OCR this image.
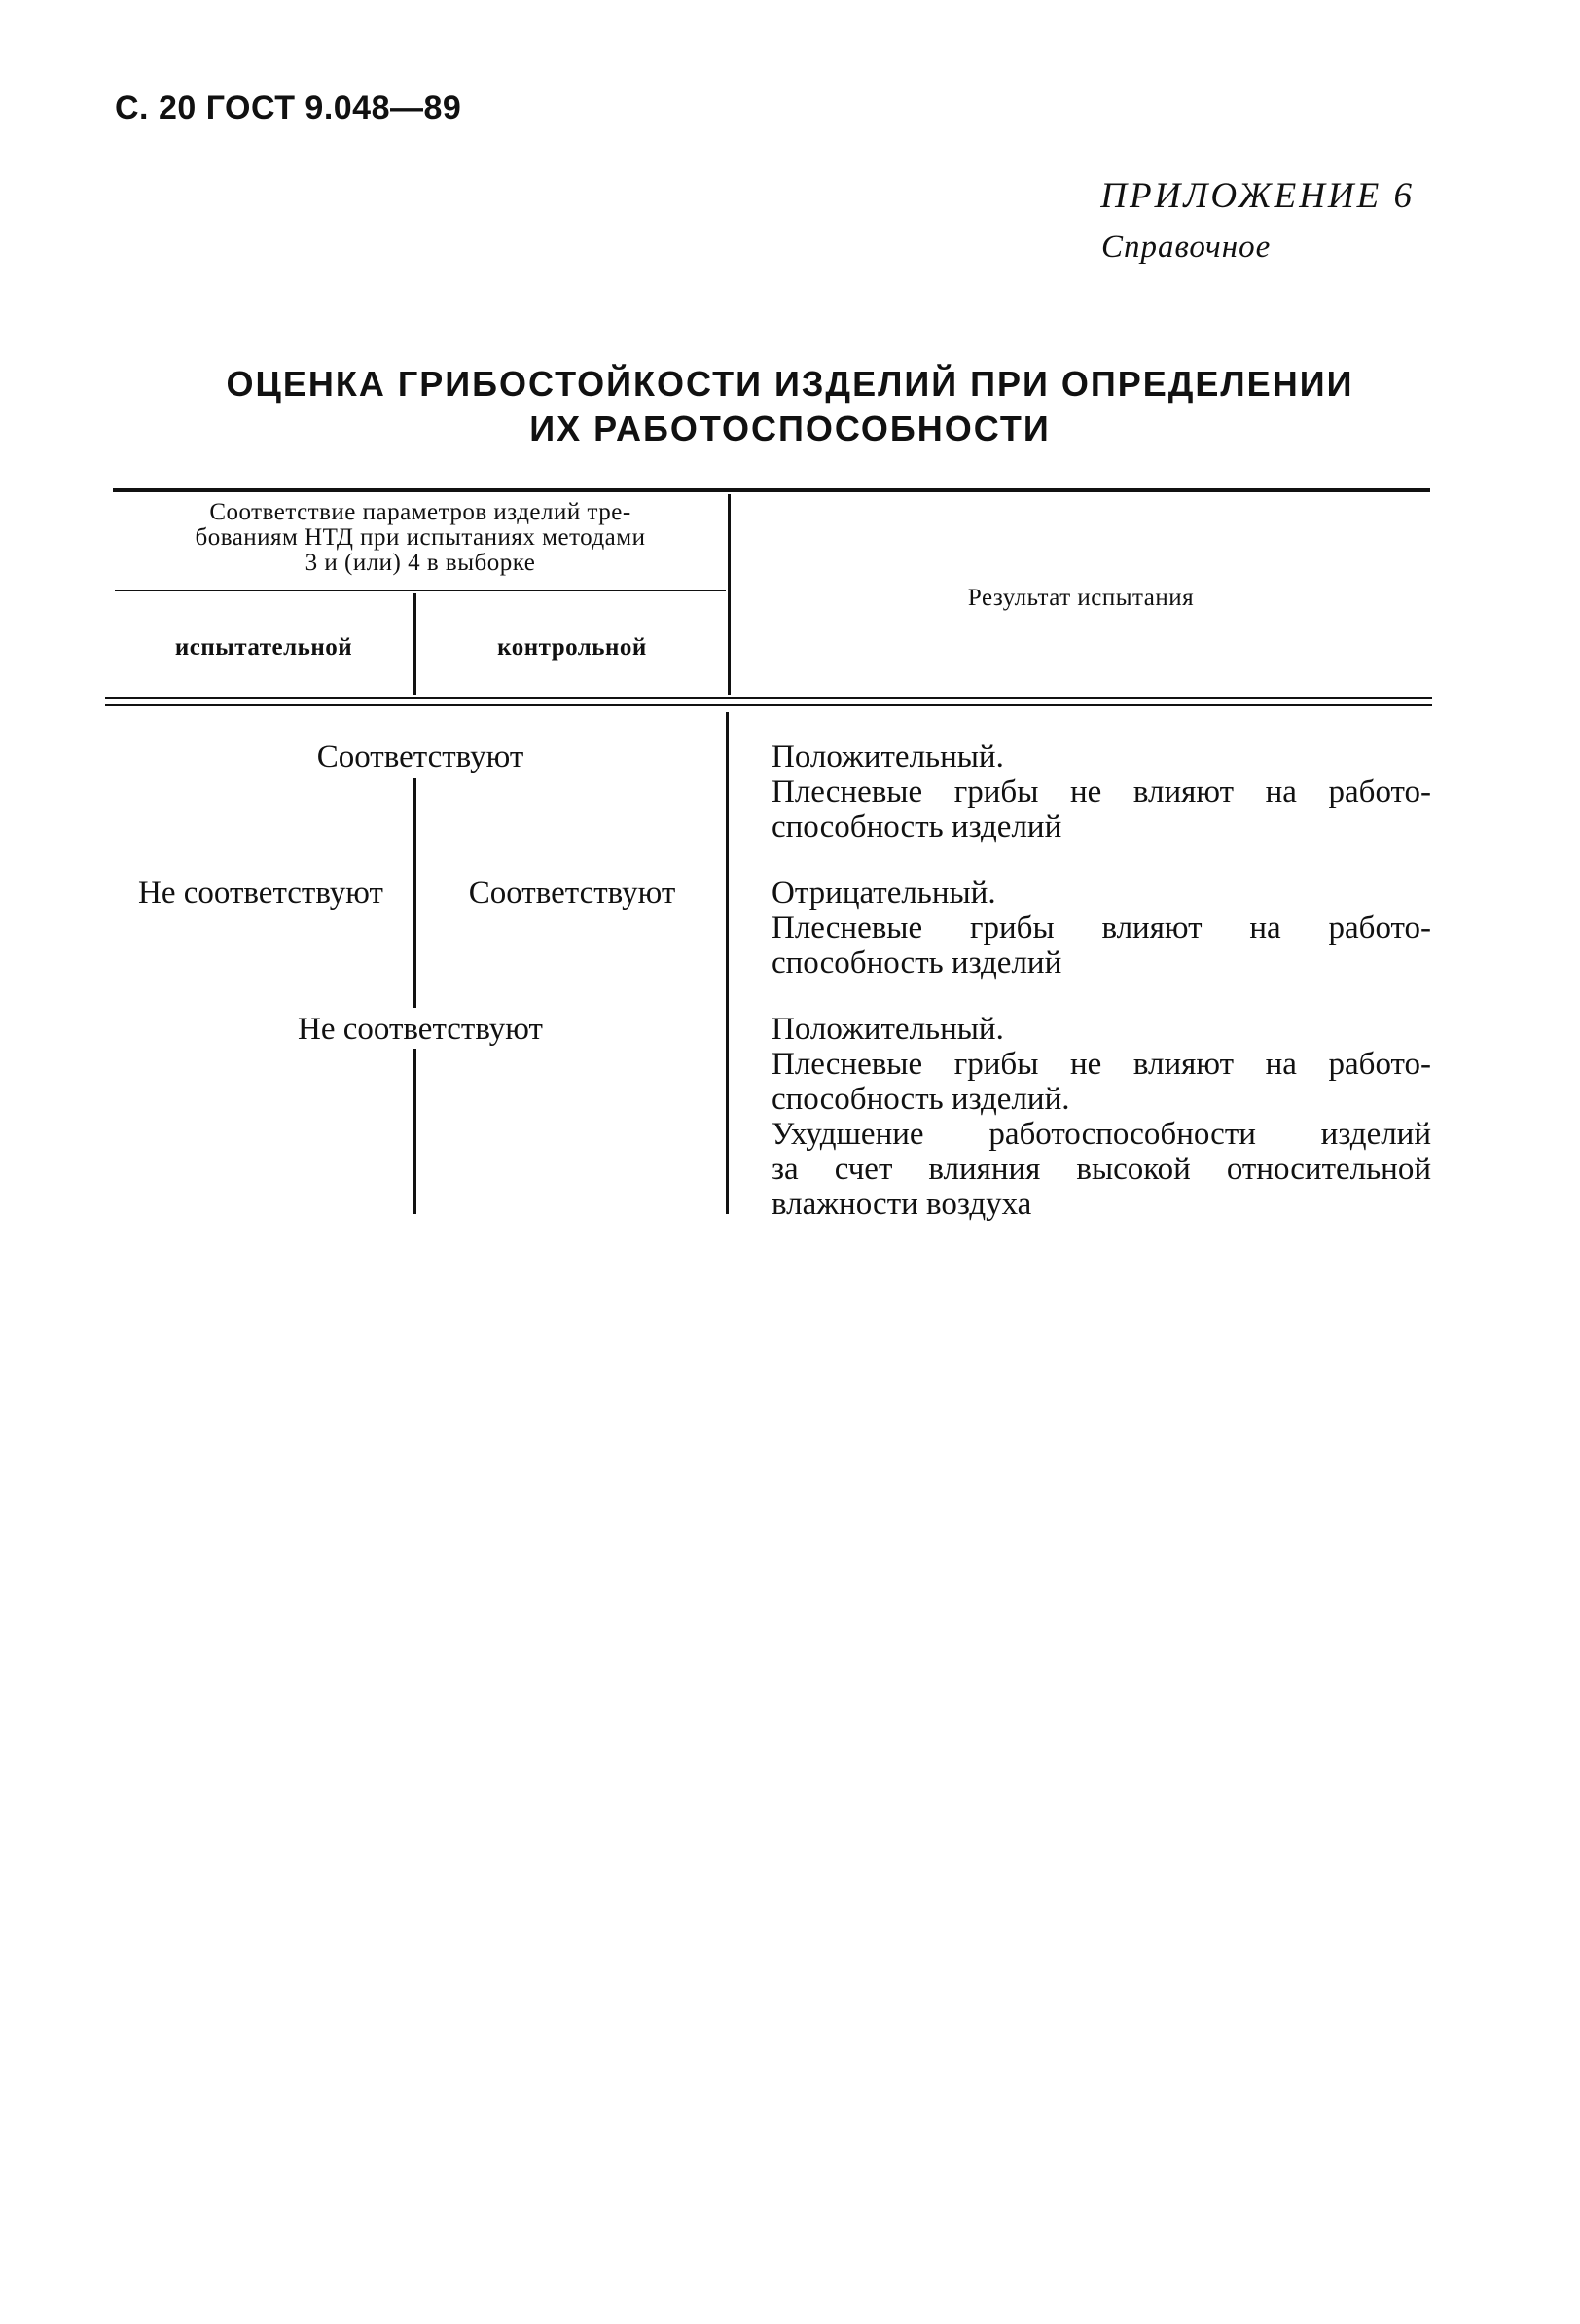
С. 20 ГОСТ 9.048—89
ПРИЛОЖЕНИЕ 6
Справочное
ОЦЕНКА ГРИБОСТОЙКОСТИ ИЗДЕЛИЙ ПРИ ОПРЕДЕЛЕНИИ
ИХ РАБОТОСПОСОБНОСТИ
Соответствие параметров изделий тре-
бованиям НТД при испытаниях методами
3 и (или) 4 в выборке
испытательной	контрольной
Результат испытания
Соответствуют	Положительный.
Плесневые грибы не влияют на работо-
способность изделий
Не соответствуют	Соответствуют	Отрицательный.
Плесневые грибы влияют на работо-
способность изделий
Не соответствуют	Положительный.
Плесневые грибы не влияют на работо-
способность изделий.
Ухудшение работоспособности изделий
за счет влияния высокой относительной
влажности воздуха
